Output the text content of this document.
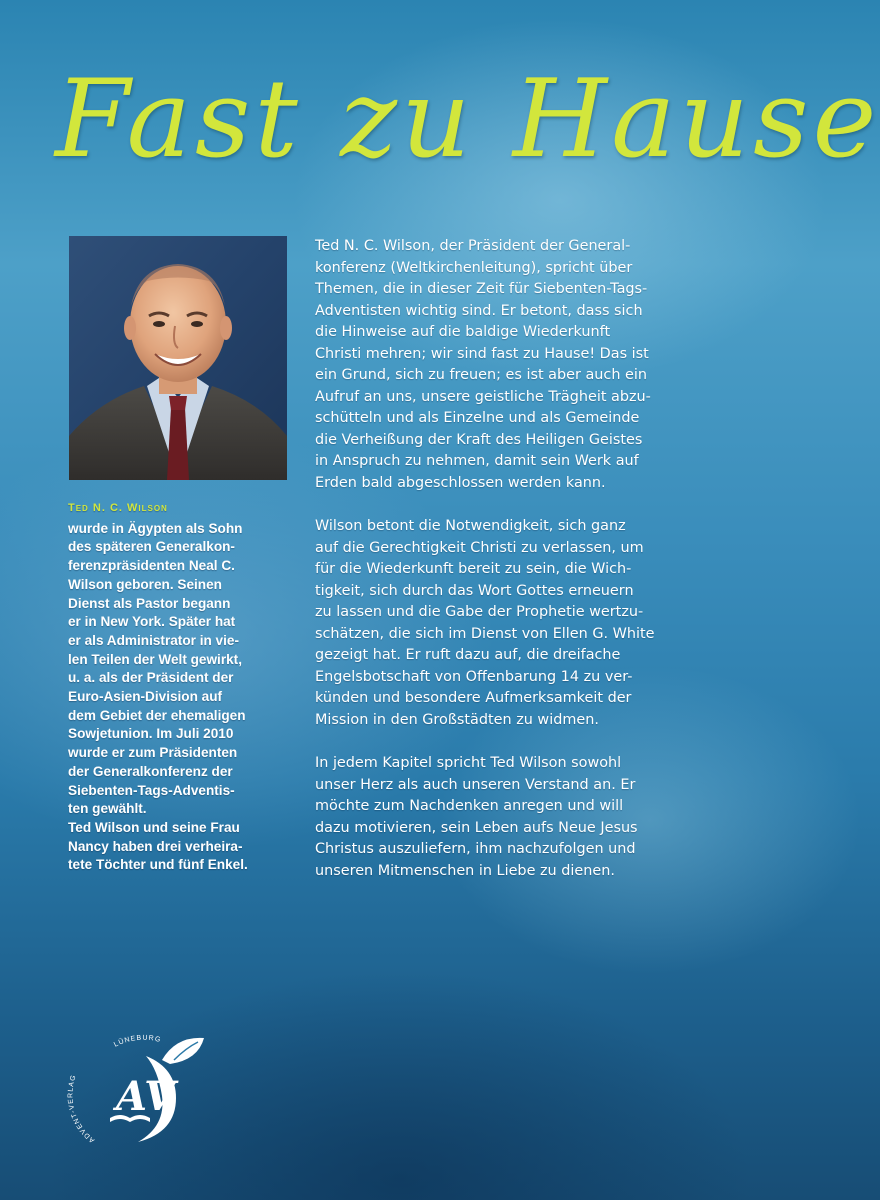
Fast zu Hause

Ted N. C. Wilson
wurde in Ägypten als Sohn
des späteren Generalkon-
ferenzpräsidenten Neal C.
Wilson geboren. Seinen
Dienst als Pastor begann
er in New York. Später hat
er als Administrator in vie-
len Teilen der Welt gewirkt,
u. a. als der Präsident der
Euro-Asien-Division auf
dem Gebiet der ehemaligen
Sowjetunion. Im Juli 2010
wurde er zum Präsidenten
der Generalkonferenz der
Siebenten-Tags-Adventis-
ten gewählt.
Ted Wilson und seine Frau
Nancy haben drei verheira-
tete Töchter und fünf Enkel.

Ted N. C. Wilson, der Präsident der General-
konferenz (Weltkirchenleitung), spricht über
Themen, die in dieser Zeit für Siebenten-Tags-
Adventisten wichtig sind. Er betont, dass sich
die Hinweise auf die baldige Wiederkunft
Christi mehren; wir sind fast zu Hause! Das ist
ein Grund, sich zu freuen; es ist aber auch ein
Aufruf an uns, unsere geistliche Trägheit abzu-
schütteln und als Einzelne und als Gemeinde
die Verheißung der Kraft des Heiligen Geistes
in Anspruch zu nehmen, damit sein Werk auf
Erden bald abgeschlossen werden kann.

Wilson betont die Notwendigkeit, sich ganz
auf die Gerechtigkeit Christi zu verlassen, um
für die Wiederkunft bereit zu sein, die Wich-
tigkeit, sich durch das Wort Gottes erneuern
zu lassen und die Gabe der Prophetie wertzu-
schätzen, die sich im Dienst von Ellen G. White
gezeigt hat. Er ruft dazu auf, die dreifache
Engelsbotschaft von Offenbarung 14 zu ver-
künden und besondere Aufmerksamkeit der
Mission in den Großstädten zu widmen.

In jedem Kapitel spricht Ted Wilson sowohl
unser Herz als auch unseren Verstand an. Er
möchte zum Nachdenken anregen und will
dazu motivieren, sein Leben aufs Neue Jesus
Christus auszuliefern, ihm nachzufolgen und
unseren Mitmenschen in Liebe zu dienen.

AV
ADVENT-VERLAG
LÜNEBURG
